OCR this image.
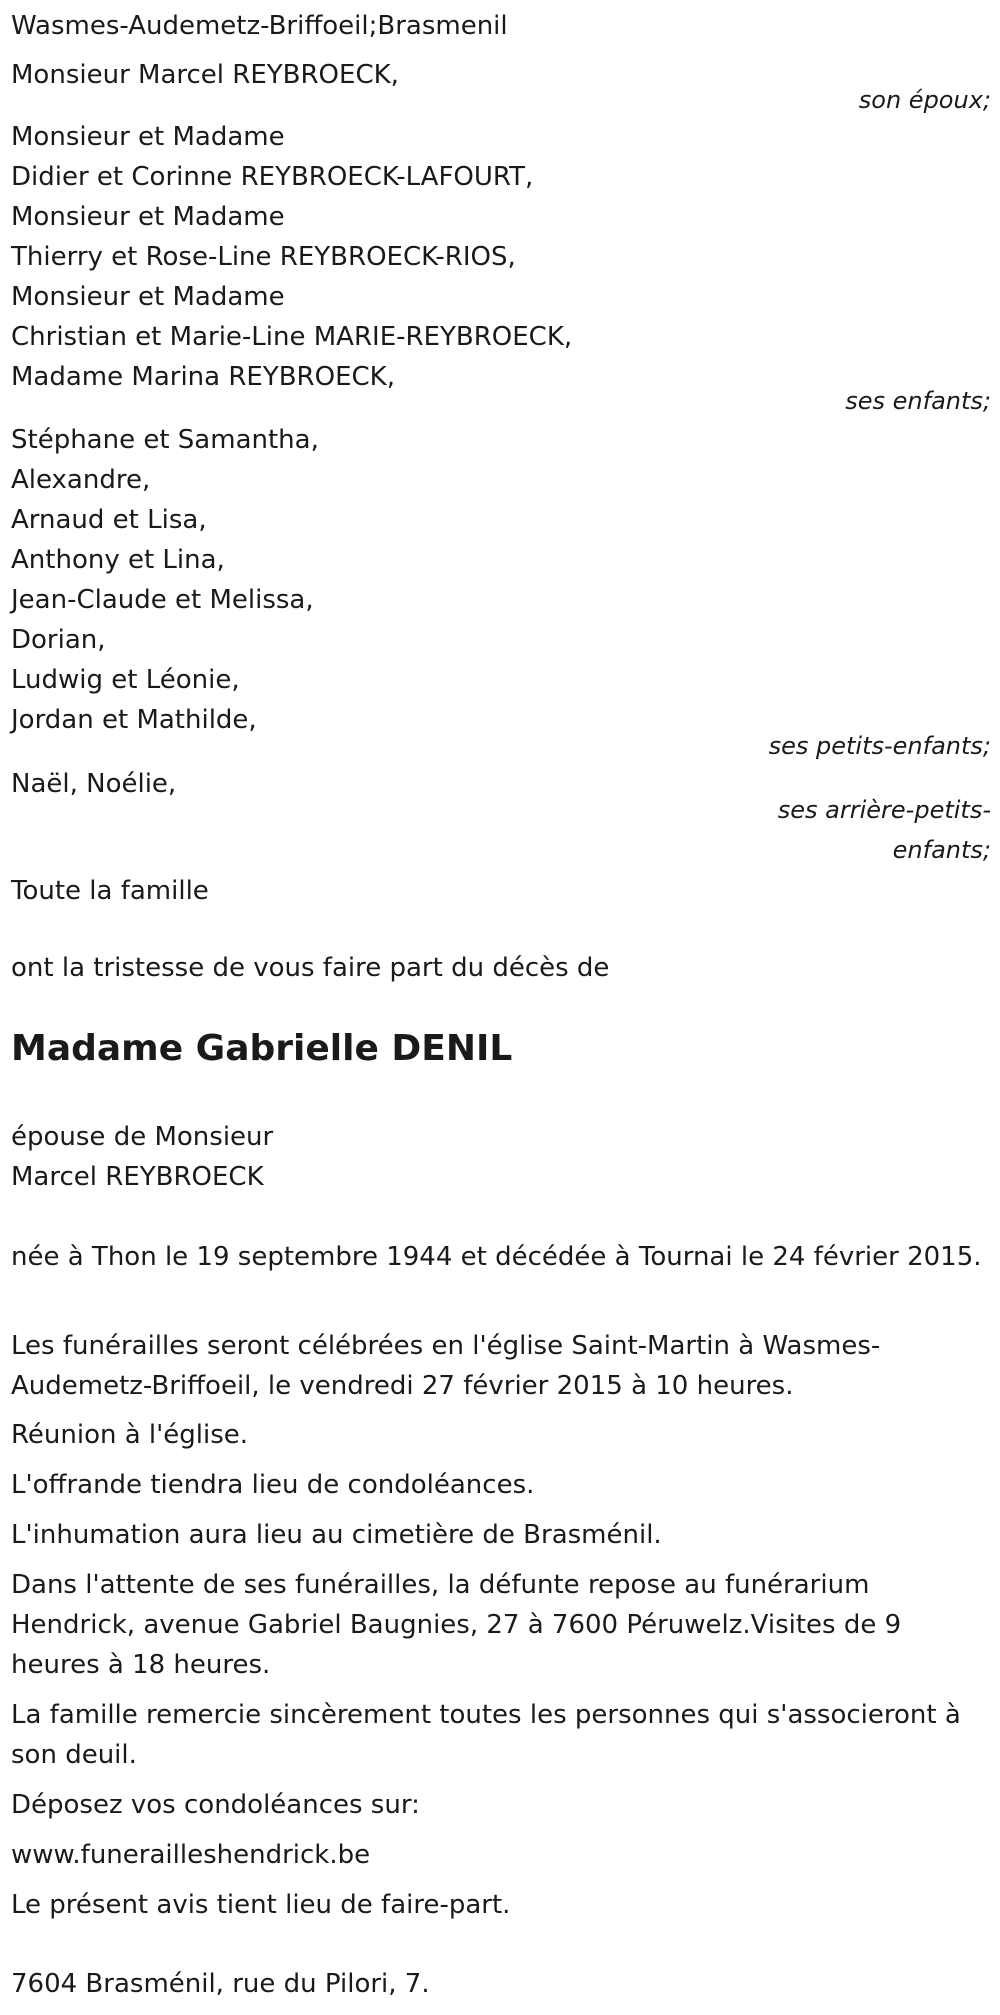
Wasmes-Audemetz-Briffoeil;Brasmenil
Monsieur Marcel REYBROECK,
son époux;
Monsieur et Madame
Didier et Corinne REYBROECK-LAFOURT,
Monsieur et Madame
Thierry et Rose-Line REYBROECK-RIOS,
Monsieur et Madame
Christian et Marie-Line MARIE-REYBROECK,
Madame Marina REYBROECK,
ses enfants;
Stéphane et Samantha,
Alexandre,
Arnaud et Lisa,
Anthony et Lina,
Jean-Claude et Melissa,
Dorian,
Ludwig et Léonie,
Jordan et Mathilde,
ses petits-enfants;
Naël, Noélie,
ses arrière-petits-
enfants;
Toute la famille
ont la tristesse de vous faire part du décès de
Madame Gabrielle DENIL
épouse de Monsieur
Marcel REYBROECK
née à Thon le 19 septembre 1944 et décédée à Tournai le 24 février 2015.
Les funérailles seront célébrées en l'église Saint-Martin à Wasmes-Audemetz-Briffoeil, le vendredi 27 février 2015 à 10 heures.
Réunion à l'église.
L'offrande tiendra lieu de condoléances.
L'inhumation aura lieu au cimetière de Brasménil.
Dans l'attente de ses funérailles, la défunte repose au funérarium Hendrick, avenue Gabriel Baugnies, 27 à 7600 Péruwelz.Visites de 9 heures à 18 heures.
La famille remercie sincèrement toutes les personnes qui s'associeront à son deuil.
Déposez vos condoléances sur:
www.funerailleshendrick.be
Le présent avis tient lieu de faire-part.
7604 Brasménil, rue du Pilori, 7.
